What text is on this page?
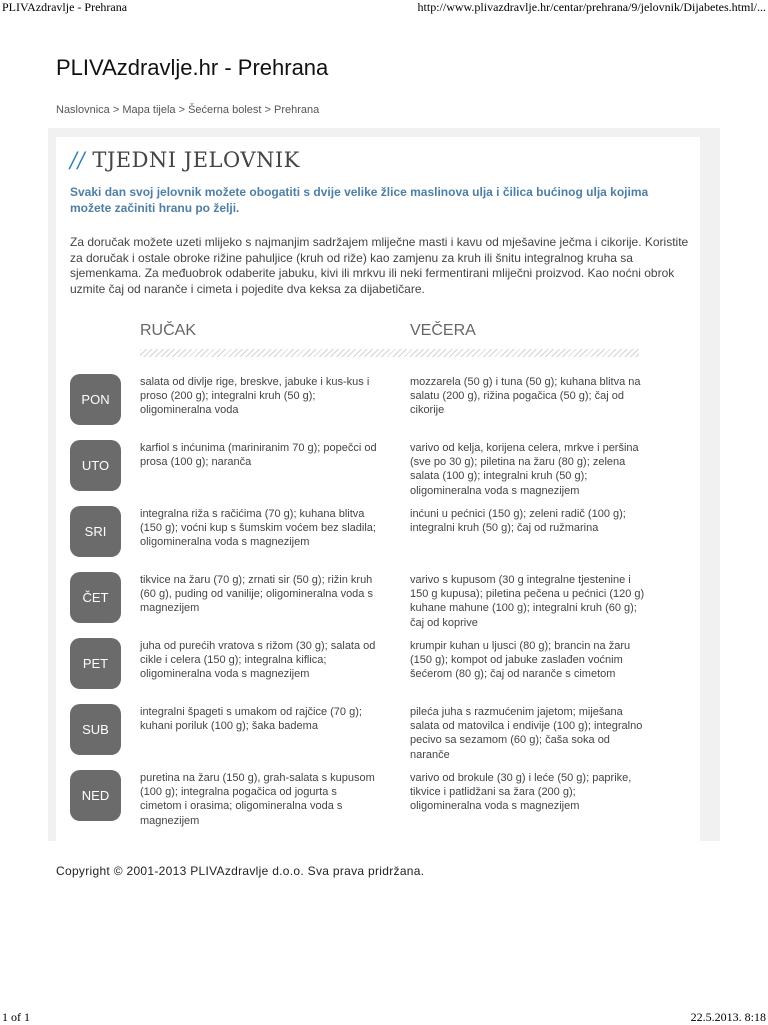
PLIVAzdravlje - Prehrana	http://www.plivazdravlje.hr/centar/prehrana/9/jelovnik/Dijabetes.html/...
PLIVAzdravlje.hr - Prehrana
Naslovnica > Mapa tijela > Šećerna bolest > Prehrana
// TJEDNI JELOVNIK
Svaki dan svoj jelovnik možete obogatiti s dvije velike žlice maslinova ulja i čilica bućinog ulja kojima možete začiniti hranu po želji.
Za doručak možete uzeti mlijeko s najmanjim sadržajem mliječne masti i kavu od mješavine ječma i cikorije. Koristite za doručak i ostale obroke rižine pahuljice (kruh od riže) kao zamjenu za kruh ili šnitu integralnog kruha sa sjemenkama. Za međuobrok odaberite jabuku, kivi ili mrkvu ili neki fermentirani mliječni proizvod. Kao noćni obrok uzmite čaj od naranče i cimeta i pojedite dva keksa za dijabetičare.
RUČAK	VEČERA
PON
salata od divlje rige, breskve, jabuke i kus-kus i proso (200 g); integralni kruh (50 g); oligomineralna voda
mozzarela (50 g) i tuna (50 g); kuhana blitva na salatu (200 g), rižina pogačica (50 g); čaj od cikorije
UTO
karfiol s inćunima (mariniranim 70 g); popečci od prosa (100 g); naranča
varivo od kelja, korijena celera, mrkve i peršina (sve po 30 g); piletina na žaru (80 g); zelena salata (100 g); integralni kruh (50 g); oligomineralna voda s magnezijem
SRI
integralna riža s račićima (70 g); kuhana blitva (150 g); voćni kup s šumskim voćem bez sladila; oligomineralna voda s magnezijem
inćuni u pećnici (150 g); zeleni radič (100 g); integralni kruh (50 g); čaj od ružmarina
ČET
tikvice na žaru (70 g); zrnati sir (50 g); rižin kruh (60 g), puding od vanilije; oligomineralna voda s magnezijem
varivo s kupusom (30 g integralne tjestenine i 150 g kupusa); piletina pečena u pećnici (120 g) kuhane mahune (100 g); integralni kruh (60 g); čaj od koprive
PET
juha od purećih vratova s rižom (30 g); salata od cikle i celera (150 g); integralna kiflica; oligomineralna voda s magnezijem
krumpir kuhan u ljusci (80 g); brancin na žaru (150 g); kompot od jabuke zaslađen voćnim šećerom (80 g); čaj od naranče s cimetom
SUB
integralni špageti s umakom od rajčice (70 g); kuhani poriluk (100 g); šaka badema
pileća juha s razmućenim jajetom; miješana salata od matovilca i endivije (100 g); integralno pecivo sa sezamom (60 g); čaša soka od naranče
NED
puretina na žaru (150 g), grah-salata s kupusom (100 g); integralna pogačica od jogurta s cimetom i orasima; oligomineralna voda s magnezijem
varivo od brokule (30 g) i leće (50 g); paprike, tikvice i patlidžani sa žara (200 g); oligomineralna voda s magnezijem
Copyright © 2001-2013 PLIVAzdravlje d.o.o. Sva prava pridržana.
1 of 1	22.5.2013. 8:18
